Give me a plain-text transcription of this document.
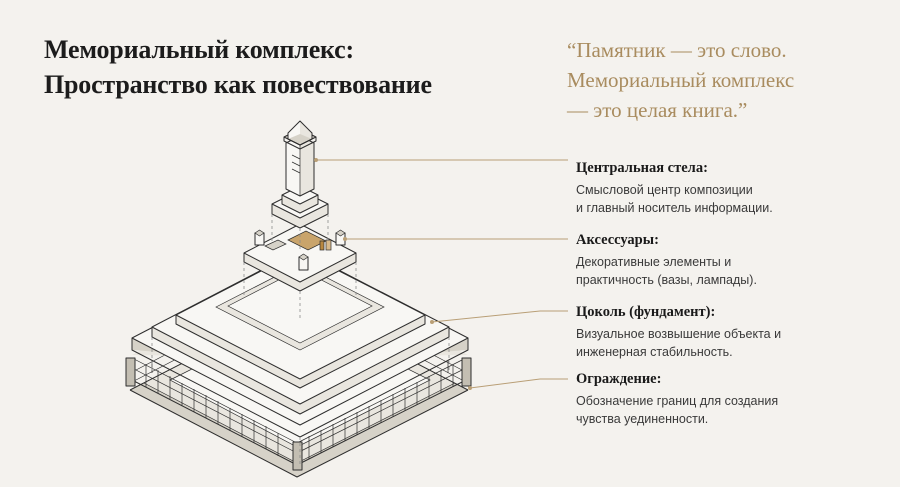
Мемориальный комплекс:
Пространство как повествование
“Памятник — это слово.
Мемориальный комплекс
— это целая книга.”
Центральная стела:
Смысловой центр композиции
и главный носитель информации.
Аксессуары:
Декоративные элементы и
практичность (вазы, лампады).
Цоколь (фундамент):
Визуальное возвышение объекта и
инженерная стабильность.
Ограждение:
Обозначение границ для создания
чувства уединенности.
